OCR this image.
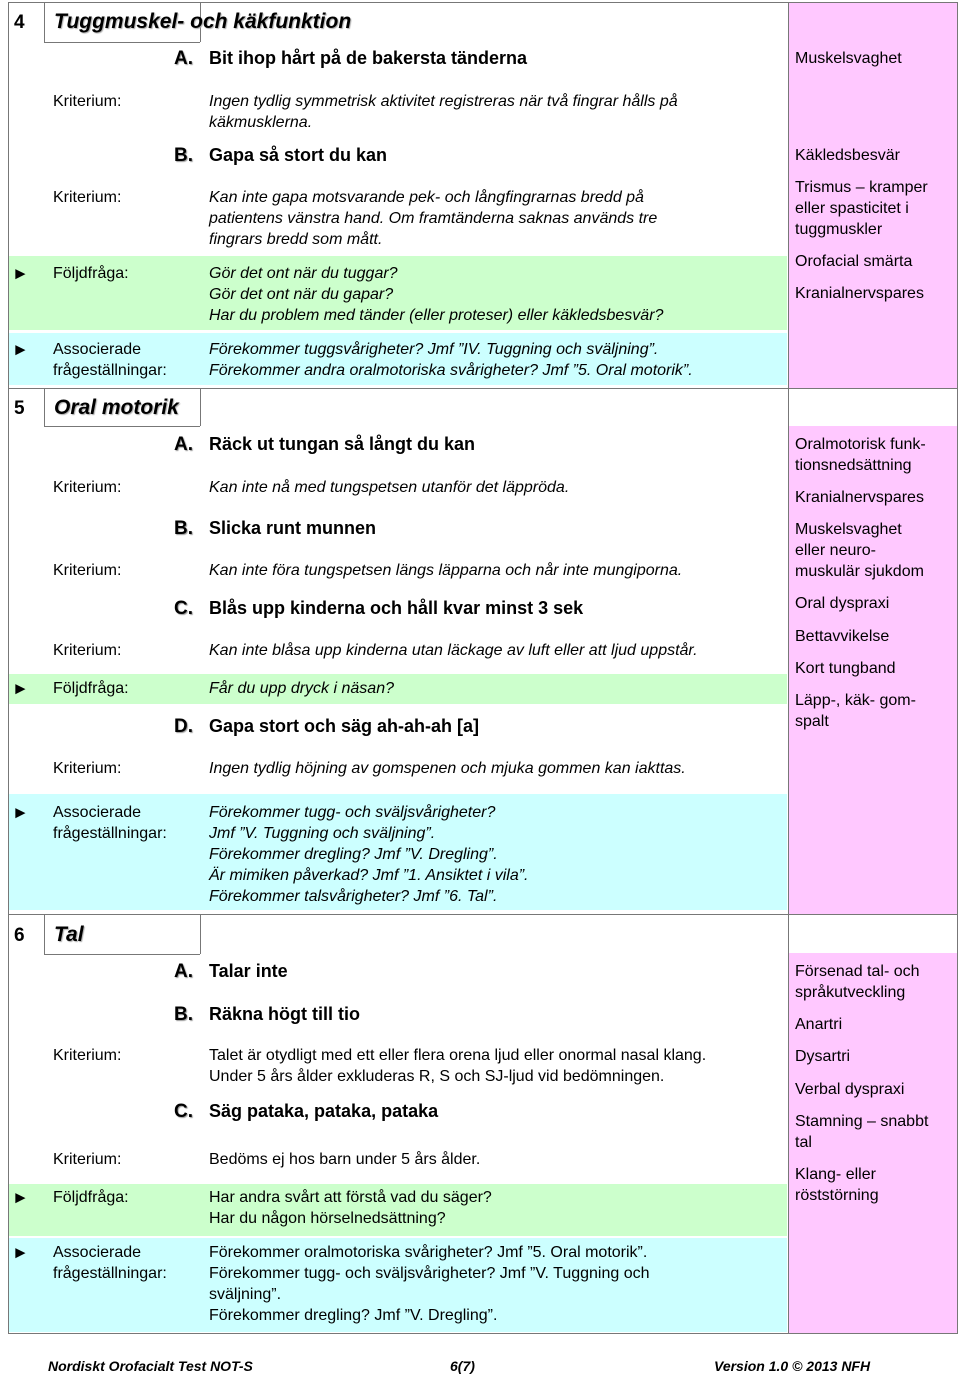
4 Tuggmuskel- och käkfunktion
A. Bit ihop hårt på de bakersta tänderna
Kriterium:	Ingen tydlig symmetrisk aktivitet registreras när två fingrar hålls på
käkmusklerna.
B. Gapa så stort du kan
Kriterium:	Kan inte gapa motsvarande pek- och långfingrarnas bredd på
patientens vänstra hand. Om framtänderna saknas används tre
fingrars bredd som mått.
► Följdfråga:	Gör det ont när du tuggar?
Gör det ont när du gapar?
Har du problem med tänder (eller proteser) eller käkledsbesvär?
► Associerade
frågeställningar:
Förekommer tuggsvårigheter? Jmf ”IV. Tuggning och sväljning”.
Förekommer andra oralmotoriska svårigheter? Jmf ”5. Oral motorik”.
Muskelsvaghet
Käkledsbesvär
Trismus – kramper
eller spasticitet i
tuggmuskler
Orofacial smärta
Kranialnervspares
5 Oral motorik
A. Räck ut tungan så långt du kan
Kriterium:	Kan inte nå med tungspetsen utanför det läppröda.
B. Slicka runt munnen
Kriterium:	Kan inte föra tungspetsen längs läpparna och når inte mungiporna.
C. Blås upp kinderna och håll kvar minst 3 sek
Kriterium:	Kan inte blåsa upp kinderna utan läckage av luft eller att ljud uppstår.
► Följdfråga:	Får du upp dryck i näsan?
D. Gapa stort och säg ah-ah-ah [a]
Kriterium:	Ingen tydlig höjning av gomspenen och mjuka gommen kan iakttas.
► Associerade
frågeställningar:
Förekommer tugg- och sväljsvårigheter?
Jmf ”V. Tuggning och sväljning”.
Förekommer dregling? Jmf ”V. Dregling”.
Är mimiken påverkad? Jmf ”1. Ansiktet i vila”.
Förekommer talsvårigheter? Jmf ”6. Tal”.
Oralmotorisk funk-
tionsnedsättning
Kranialnervspares
Muskelsvaghet
eller neuro-
muskulär sjukdom
Oral dyspraxi
Bettavvikelse
Kort tungband
Läpp-, käk- gom-
spalt
6 Tal
A. Talar inte
B. Räkna högt till tio
Kriterium:	Talet är otydligt med ett eller flera orena ljud eller onormal nasal klang.
Under 5 års ålder exkluderas R, S och SJ-ljud vid bedömningen.
C. Säg pataka, pataka, pataka
Kriterium:	Bedöms ej hos barn under 5 års ålder.
► Följdfråga:	Har andra svårt att förstå vad du säger?
Har du någon hörselnedsättning?
► Associerade
frågeställningar:
Förekommer oralmotoriska svårigheter? Jmf ”5. Oral motorik”.
Förekommer tugg- och sväljsvårigheter? Jmf ”V. Tuggning och
sväljning”.
Förekommer dregling? Jmf ”V. Dregling”.
Försenad tal- och
språkutveckling
Anartri
Dysartri
Verbal dyspraxi
Stamning – snabbt
tal
Klang- eller
röststörning
Nordiskt Orofacialt Test NOT-S	6(7)	Version 1.0 © 2013 NFH
